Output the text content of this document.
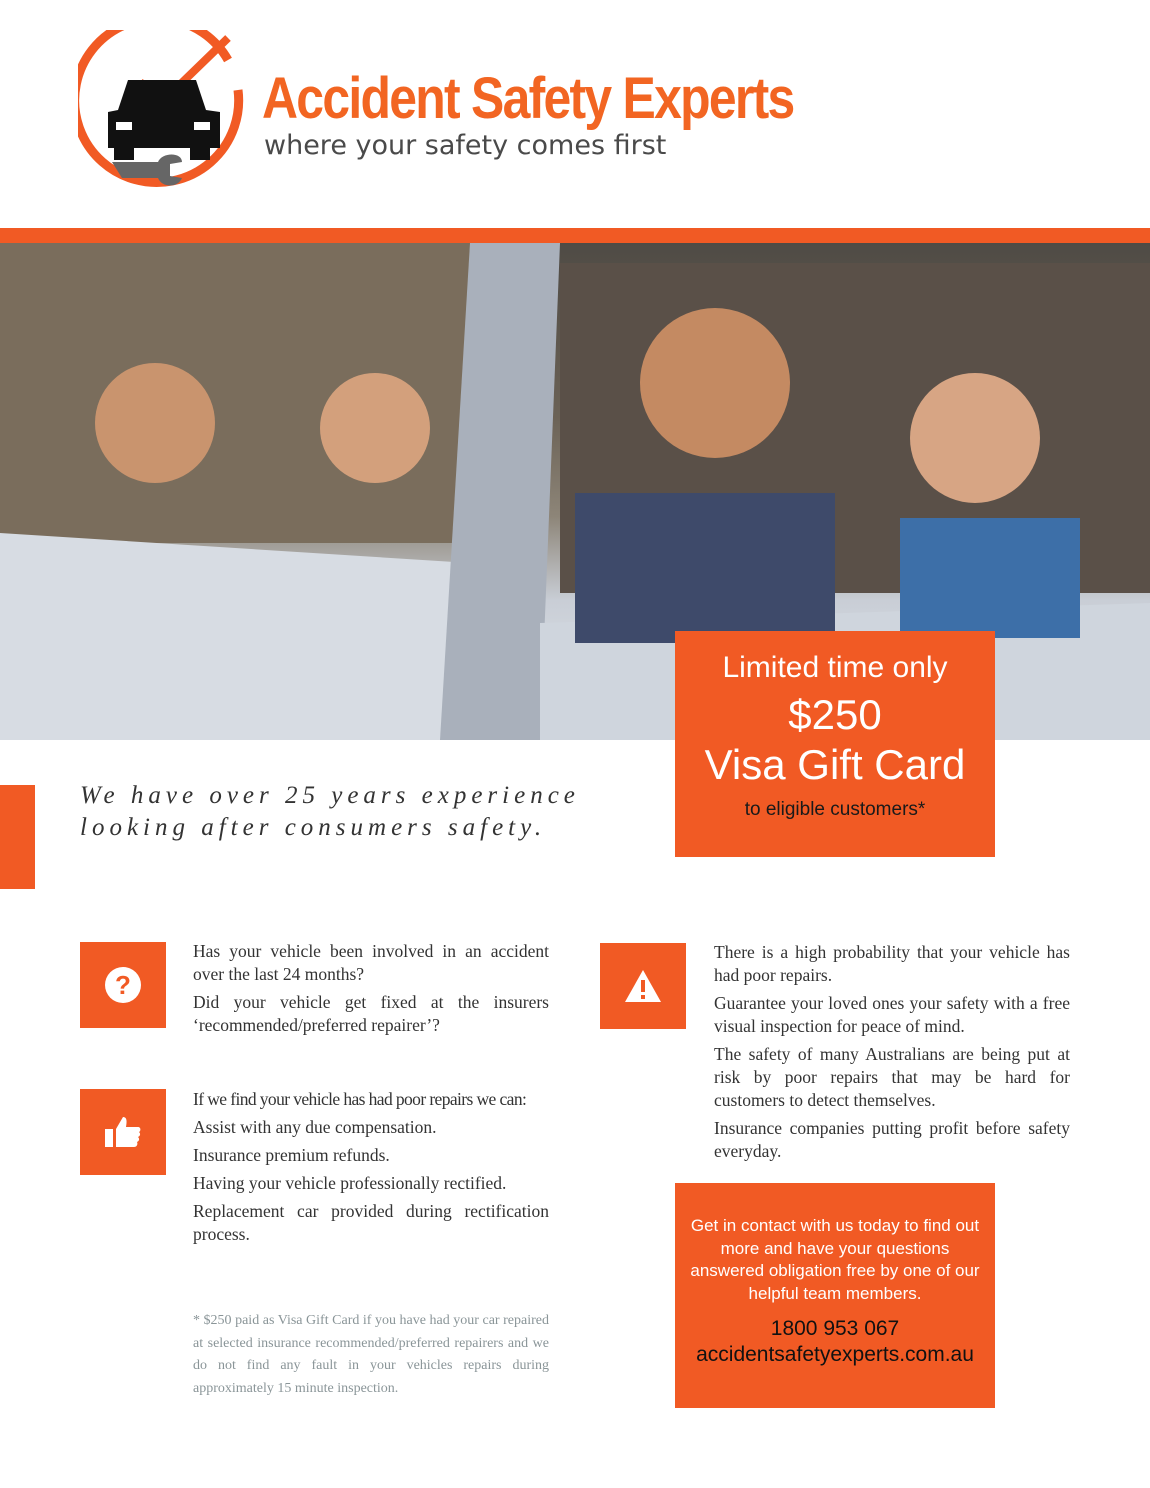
Accident Safety Experts
where your safety comes first
Limited time only
$250
Visa Gift Card
to eligible customers*
We have over 25 years experience
looking after consumers safety.
?

Has your vehicle been involved in an accident over the last 24 months?

Did your vehicle get fixed at the insurers ‘recommended/preferred repairer’?

If we find your vehicle has had poor repairs we can:

Assist with any due compensation.

Insurance premium refunds.

Having your vehicle professionally rectified.

Replacement car provided during rectification process.

There is a high probability that your vehicle has had poor repairs.

Guarantee your loved ones your safety with a free visual inspection for peace of mind.

The safety of many Australians are being put at risk by poor repairs that may be hard for customers to detect themselves.

Insurance companies putting profit before safety everyday.

* $250 paid as Visa Gift Card if you have had your car repaired at selected insurance recommended/preferred repairers and we do not find any fault in your vehicles repairs during approximately 15 minute inspection.
Get in contact with us today to find out more and have your questions answered obligation free by one of our helpful team members.
1800 953 067
accidentsafetyexperts.com.au
